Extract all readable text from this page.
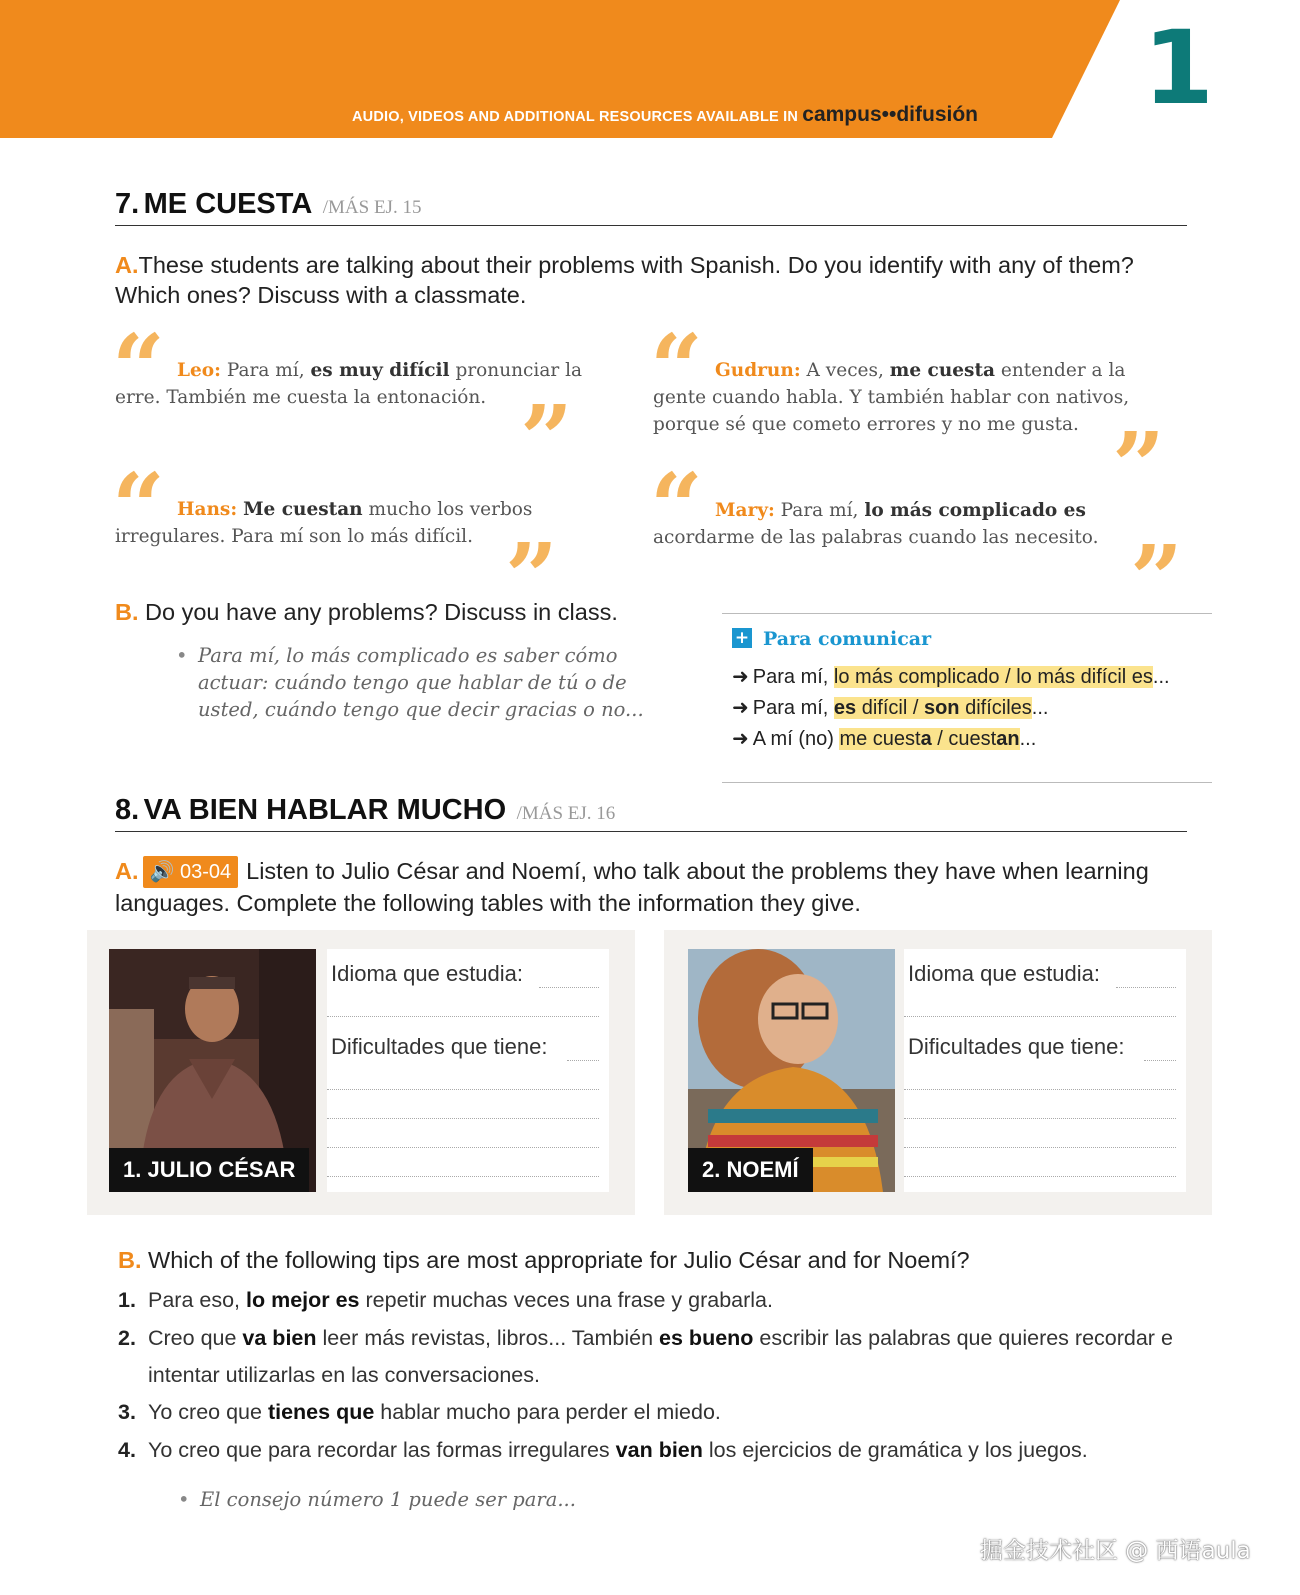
AUDIO, VIDEOS AND ADDITIONAL RESOURCES AVAILABLE IN campus••difusión 1
7. ME CUESTA /MÁS EJ. 15
A.These students are talking about their problems with Spanish. Do you identify with any of them? Which ones? Discuss with a classmate.
“ Leo: Para mí, es muy difícil pronunciar la erre. También me cuesta la entonación. ”
“ Gudrun: A veces, me cuesta entender a la gente cuando habla. Y también hablar con nativos, porque sé que cometo errores y no me gusta. ”
“ Hans: Me cuestan mucho los verbos irregulares. Para mí son lo más difícil. ”
“ Mary: Para mí, lo más complicado es acordarme de las palabras cuando las necesito. ”
B. Do you have any problems? Discuss in class.
• Para mí, lo más complicado es saber cómo actuar: cuándo tengo que hablar de tú o de usted, cuándo tengo que decir gracias o no...
+ Para comunicar
➜ Para mí, lo más complicado / lo más difícil es...
➜ Para mí, es difícil / son difíciles...
➜ A mí (no) me cuesta / cuestan...
8. VA BIEN HABLAR MUCHO /MÁS EJ. 16
A. 🔊 03-04 Listen to Julio César and Noemí, who talk about the problems they have when learning languages. Complete the following tables with the information they give.
1. JULIO CÉSAR
Idioma que estudia:
Dificultades que tiene:
2. NOEMÍ
Idioma que estudia:
Dificultades que tiene:
B. Which of the following tips are most appropriate for Julio César and for Noemí?
1. Para eso, lo mejor es repetir muchas veces una frase y grabarla.
2. Creo que va bien leer más revistas, libros... También es bueno escribir las palabras que quieres recordar e intentar utilizarlas en las conversaciones.
3. Yo creo que tienes que hablar mucho para perder el miedo.
4. Yo creo que para recordar las formas irregulares van bien los ejercicios de gramática y los juegos.
• El consejo número 1 puede ser para...
掘金技术社区 @ 西语aula
